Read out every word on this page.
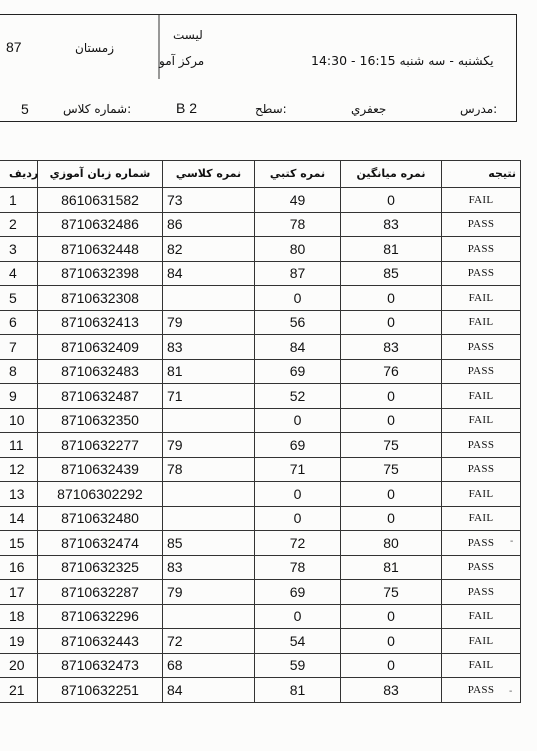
87	زمستان
لیست
مرکز آمو	یکشنبه - سه شنبه 16:15 - 14:30
5	شماره کلاس:	B 2	سطح:	جعفري	مدرس:
رديف	شماره زبان آموزي	نمره كلاسي	نمره كتبي	نمره ميانگين	نتيجه
1	8610631582	73	49	0	FAIL
2	8710632486	86	78	83	PASS
3	8710632448	82	80	81	PASS
4	8710632398	84	87	85	PASS
5	8710632308		0	0	FAIL
6	8710632413	79	56	0	FAIL
7	8710632409	83	84	83	PASS
8	8710632483	81	69	76	PASS
9	8710632487	71	52	0	FAIL
10	8710632350		0	0	FAIL
11	8710632277	79	69	75	PASS
12	8710632439	78	71	75	PASS
13	87106302292		0	0	FAIL
14	8710632480		0	0	FAIL
15	8710632474	85	72	80	PASS
16	8710632325	83	78	81	PASS
17	8710632287	79	69	75	PASS
18	8710632296		0	0	FAIL
19	8710632443	72	54	0	FAIL
20	8710632473	68	59	0	FAIL
21	8710632251	84	81	83	PASS
-
-
